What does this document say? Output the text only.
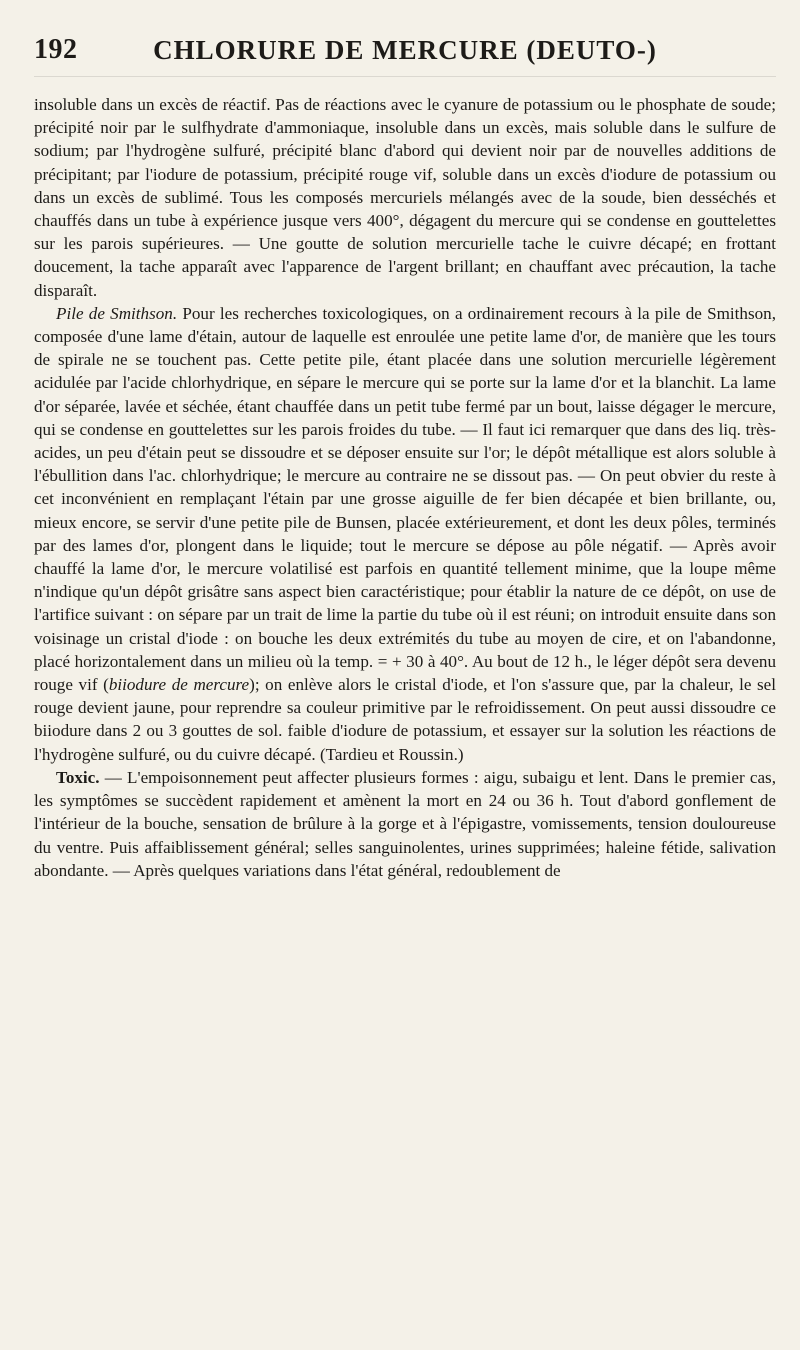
192	CHLORURE DE MERCURE (DEUTO-)

insoluble dans un excès de réactif. Pas de réactions avec le cyanure de potassium ou le phosphate de soude; précipité noir par le sulfhydrate d'ammoniaque, insoluble dans un excès, mais soluble dans le sulfure de sodium; par l'hydrogène sulfuré, précipité blanc d'abord qui devient noir par de nouvelles additions de précipitant; par l'iodure de potassium, précipité rouge vif, soluble dans un excès d'iodure de potassium ou dans un excès de sublimé. Tous les composés mercuriels mélangés avec de la soude, bien desséchés et chauffés dans un tube à expérience jusque vers 400°, dégagent du mercure qui se condense en gouttelettes sur les parois supérieures. — Une goutte de solution mercurielle tache le cuivre décapé; en frottant doucement, la tache apparaît avec l'apparence de l'argent brillant; en chauffant avec précaution, la tache disparaît.

Pile de Smithson. Pour les recherches toxicologiques, on a ordinairement recours à la pile de Smithson, composée d'une lame d'étain, autour de laquelle est enroulée une petite lame d'or, de manière que les tours de spirale ne se touchent pas. Cette petite pile, étant placée dans une solution mercurielle légèrement acidulée par l'acide chlorhydrique, en sépare le mercure qui se porte sur la lame d'or et la blanchit. La lame d'or séparée, lavée et séchée, étant chauffée dans un petit tube fermé par un bout, laisse dégager le mercure, qui se condense en gouttelettes sur les parois froides du tube. — Il faut ici remarquer que dans des liq. très-acides, un peu d'étain peut se dissoudre et se déposer ensuite sur l'or; le dépôt métallique est alors soluble à l'ébullition dans l'ac. chlorhydrique; le mercure au contraire ne se dissout pas. — On peut obvier du reste à cet inconvénient en remplaçant l'étain par une grosse aiguille de fer bien décapée et bien brillante, ou, mieux encore, se servir d'une petite pile de Bunsen, placée extérieurement, et dont les deux pôles, terminés par des lames d'or, plongent dans le liquide; tout le mercure se dépose au pôle négatif. — Après avoir chauffé la lame d'or, le mercure volatilisé est parfois en quantité tellement minime, que la loupe même n'indique qu'un dépôt grisâtre sans aspect bien caractéristique; pour établir la nature de ce dépôt, on use de l'artifice suivant : on sépare par un trait de lime la partie du tube où il est réuni; on introduit ensuite dans son voisinage un cristal d'iode : on bouche les deux extrémités du tube au moyen de cire, et on l'abandonne, placé horizontalement dans un milieu où la temp. = + 30 à 40°. Au bout de 12 h., le léger dépôt sera devenu rouge vif (biiodure de mercure); on enlève alors le cristal d'iode, et l'on s'assure que, par la chaleur, le sel rouge devient jaune, pour reprendre sa couleur primitive par le refroidissement. On peut aussi dissoudre ce biiodure dans 2 ou 3 gouttes de sol. faible d'iodure de potassium, et essayer sur la solution les réactions de l'hydrogène sulfuré, ou du cuivre décapé. (Tardieu et Roussin.)

Toxic. — L'empoisonnement peut affecter plusieurs formes : aigu, subaigu et lent. Dans le premier cas, les symptômes se succèdent rapidement et amènent la mort en 24 ou 36 h. Tout d'abord gonflement de l'intérieur de la bouche, sensation de brûlure à la gorge et à l'épigastre, vomissements, tension douloureuse du ventre. Puis affaiblissement général; selles sanguinolentes, urines supprimées; haleine fétide, salivation abondante. — Après quelques variations dans l'état général, redoublement de
